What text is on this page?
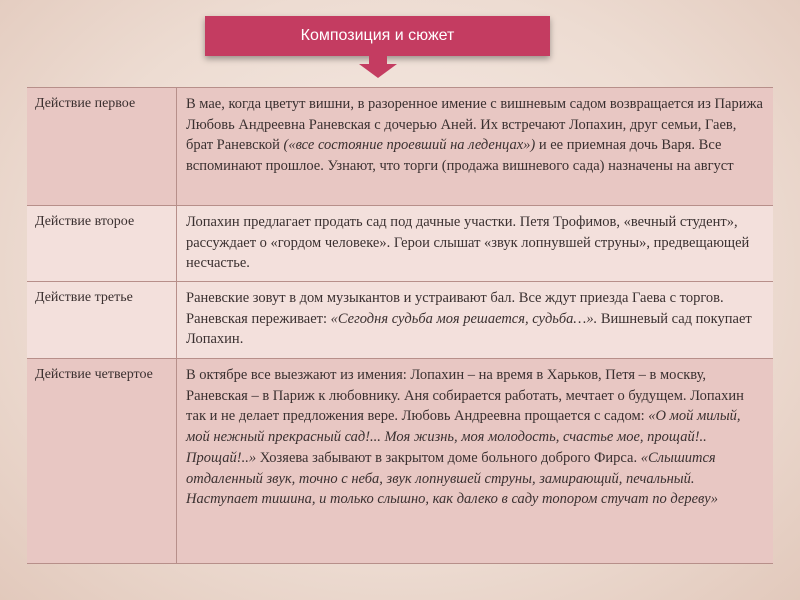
Композиция и сюжет
Действие первое	В мае, когда цветут вишни, в разоренное имение с вишневым садом возвращается из Парижа Любовь Андреевна Раневская с дочерью Аней. Их встречают Лопахин, друг семьи, Гаев, брат Раневской («все состояние проевший на леденцах») и ее приемная дочь Варя. Все вспоминают прошлое. Узнают, что торги (продажа вишневого сада) назначены на август
Действие второе	Лопахин предлагает продать сад под дачные участки. Петя Трофимов, «вечный студент», рассуждает о «гордом человеке». Герои слышат «звук лопнувшей струны», предвещающей несчастье.
Действие третье	Раневские зовут в дом музыкантов и устраивают бал. Все ждут приезда Гаева с торгов. Раневская переживает: «Сегодня судьба моя решается, судьба…». Вишневый сад покупает Лопахин.
Действие четвертое	В октябре все выезжают из имения: Лопахин – на время в Харьков, Петя – в москву, Раневская – в Париж к любовнику. Аня собирается работать, мечтает о будущем. Лопахин так и не делает предложения вере. Любовь Андреевна прощается с садом: «О мой милый, мой нежный прекрасный сад!... Моя жизнь, моя молодость, счастье мое, прощай!.. Прощай!..» Хозяева забывают в закрытом доме больного доброго Фирса. «Слышится отдаленный звук, точно с неба, звук лопнувшей струны, замирающий, печальный. Наступает тишина, и только слышно, как далеко в саду топором стучат по дереву»
